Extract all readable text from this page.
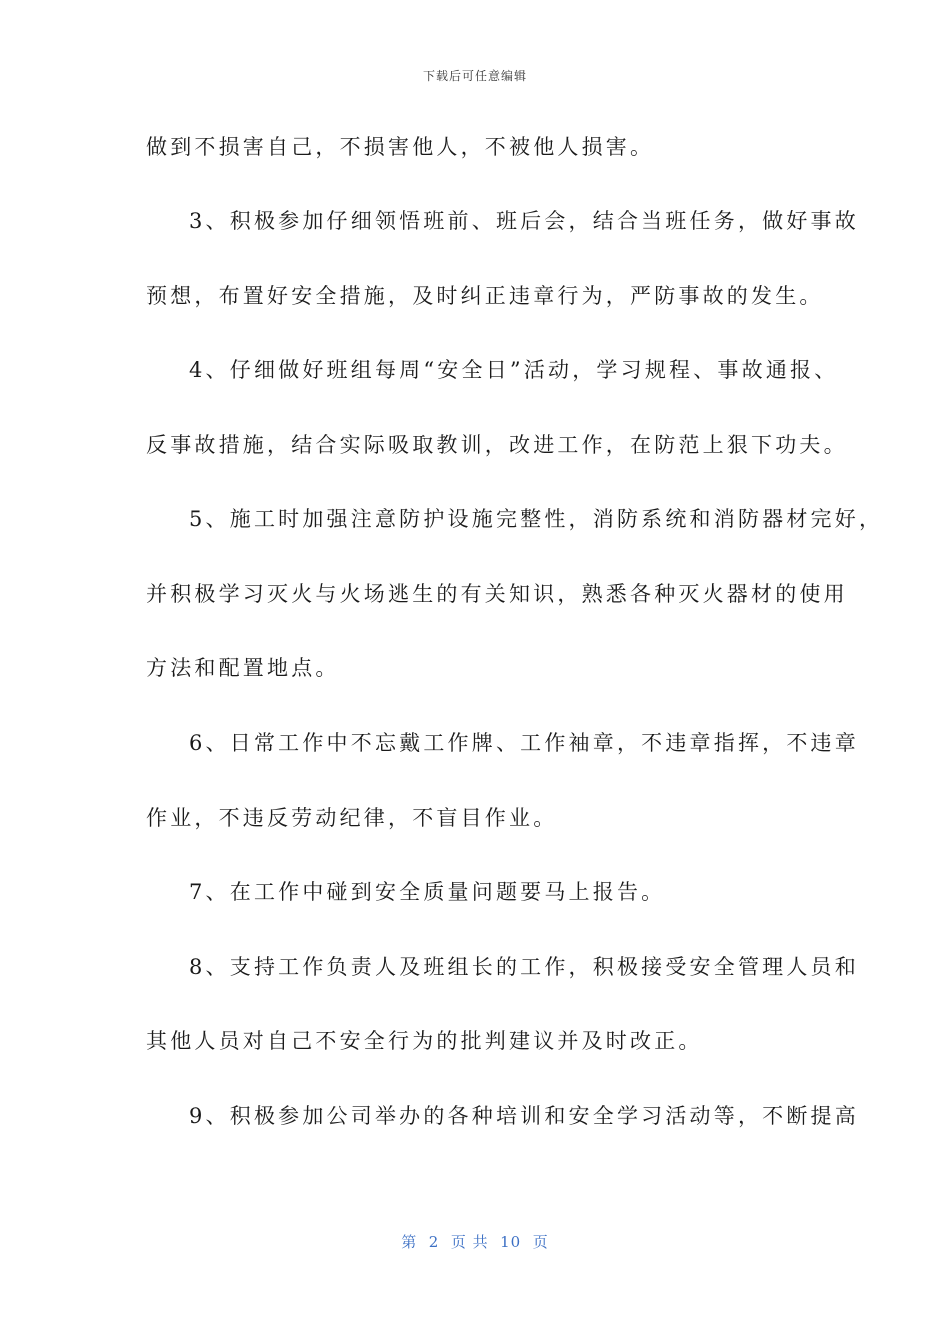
下载后可任意编辑
做到不损害自己，不损害他人，不被他人损害。
3、积极参加仔细领悟班前、班后会，结合当班任务，做好事故
预想，布置好安全措施，及时纠正违章行为，严防事故的发生。
4、仔细做好班组每周“安全日”活动，学习规程、事故通报、
反事故措施，结合实际吸取教训，改进工作，在防范上狠下功夫。
5、施工时加强注意防护设施完整性，消防系统和消防器材完好，
并积极学习灭火与火场逃生的有关知识，熟悉各种灭火器材的使用
方法和配置地点。
6、日常工作中不忘戴工作牌、工作袖章，不违章指挥，不违章
作业，不违反劳动纪律，不盲目作业。
7、在工作中碰到安全质量问题要马上报告。
8、支持工作负责人及班组长的工作，积极接受安全管理人员和
其他人员对自己不安全行为的批判建议并及时改正。
9、积极参加公司举办的各种培训和安全学习活动等，不断提高
第  2  页 共  10  页
